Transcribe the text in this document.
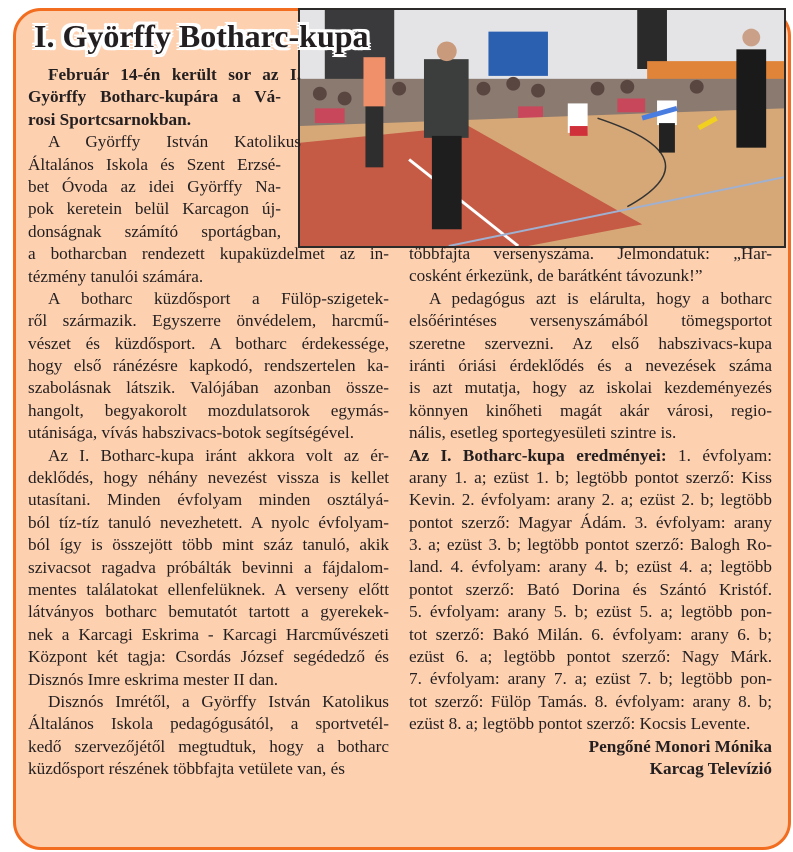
I. Györffy Botharc-kupa
Február 14-én került sor az I.
Györffy Botharc-kupára a Vá-
rosi Sportcsarnokban.
A Györffy István Katolikus
Általános Iskola és Szent Erzsé-
bet Óvoda az idei Györffy Na-
pok keretein belül Karcagon új-
donságnak számító sportágban,
a botharcban rendezett kupaküzdelmet az in-
tézmény tanulói számára.
A botharc küzdősport a Fülöp-szigetek-
ről származik. Egyszerre önvédelem, harcmű-
vészet és küzdősport. A botharc érdekessége,
hogy első ránézésre kapkodó, rendszertelen ka-
szabolásnak látszik. Valójában azonban össze-
hangolt, begyakorolt mozdulatsorok egymás-
utánisága, vívás habszivacs-botok segítségével.
Az I. Botharc-kupa iránt akkora volt az ér-
deklődés, hogy néhány nevezést vissza is kellet
utasítani. Minden évfolyam minden osztályá-
ból tíz-tíz tanuló nevezhetett. A nyolc évfolyam-
ból így is összejött több mint száz tanuló, akik
szivacsot ragadva próbálták bevinni a fájdalom-
mentes találatokat ellenfelüknek. A verseny előtt
látványos botharc bemutatót tartott a gyerekek-
nek a Karcagi Eskrima - Karcagi Harcművészeti
Központ két tagja: Csordás József segédedző és
Disznós Imre eskrima mester II dan.
Disznós Imrétől, a Györffy István Katolikus
Általános Iskola pedagógusától, a sportvetél-
kedő szervezőjétől megtudtuk, hogy a botharc
küzdősport részének többfajta vetülete van, és
többfajta versenyszáma. Jelmondatuk: „Har-
cosként érkezünk, de barátként távozunk!”
A pedagógus azt is elárulta, hogy a botharc
elsőérintéses versenyszámából tömegsportot
szeretne szervezni. Az első habszivacs-kupa
iránti óriási érdeklődés és a nevezések száma
is azt mutatja, hogy az iskolai kezdeményezés
könnyen kinőheti magát akár városi, regio-
nális, esetleg sportegyesületi szintre is.
Az I. Botharc-kupa eredményei: 1. évfolyam:
arany 1. a; ezüst 1. b; legtöbb pontot szerző: Kiss
Kevin. 2. évfolyam: arany 2. a; ezüst 2. b; legtöbb
pontot szerző: Magyar Ádám. 3. évfolyam: arany
3. a; ezüst 3. b; legtöbb pontot szerző: Balogh Ro-
land. 4. évfolyam: arany 4. b; ezüst 4. a; legtöbb
pontot szerző: Bató Dorina és Szántó Kristóf.
5. évfolyam: arany 5. b; ezüst 5. a; legtöbb pon-
tot szerző: Bakó Milán. 6. évfolyam: arany 6. b;
ezüst 6. a; legtöbb pontot szerző: Nagy Márk.
7. évfolyam: arany 7. a; ezüst 7. b; legtöbb pon-
tot szerző: Fülöp Tamás. 8. évfolyam: arany 8. b;
ezüst 8. a; legtöbb pontot szerző: Kocsis Levente.
Pengőné Monori Mónika
Karcag Televízió
